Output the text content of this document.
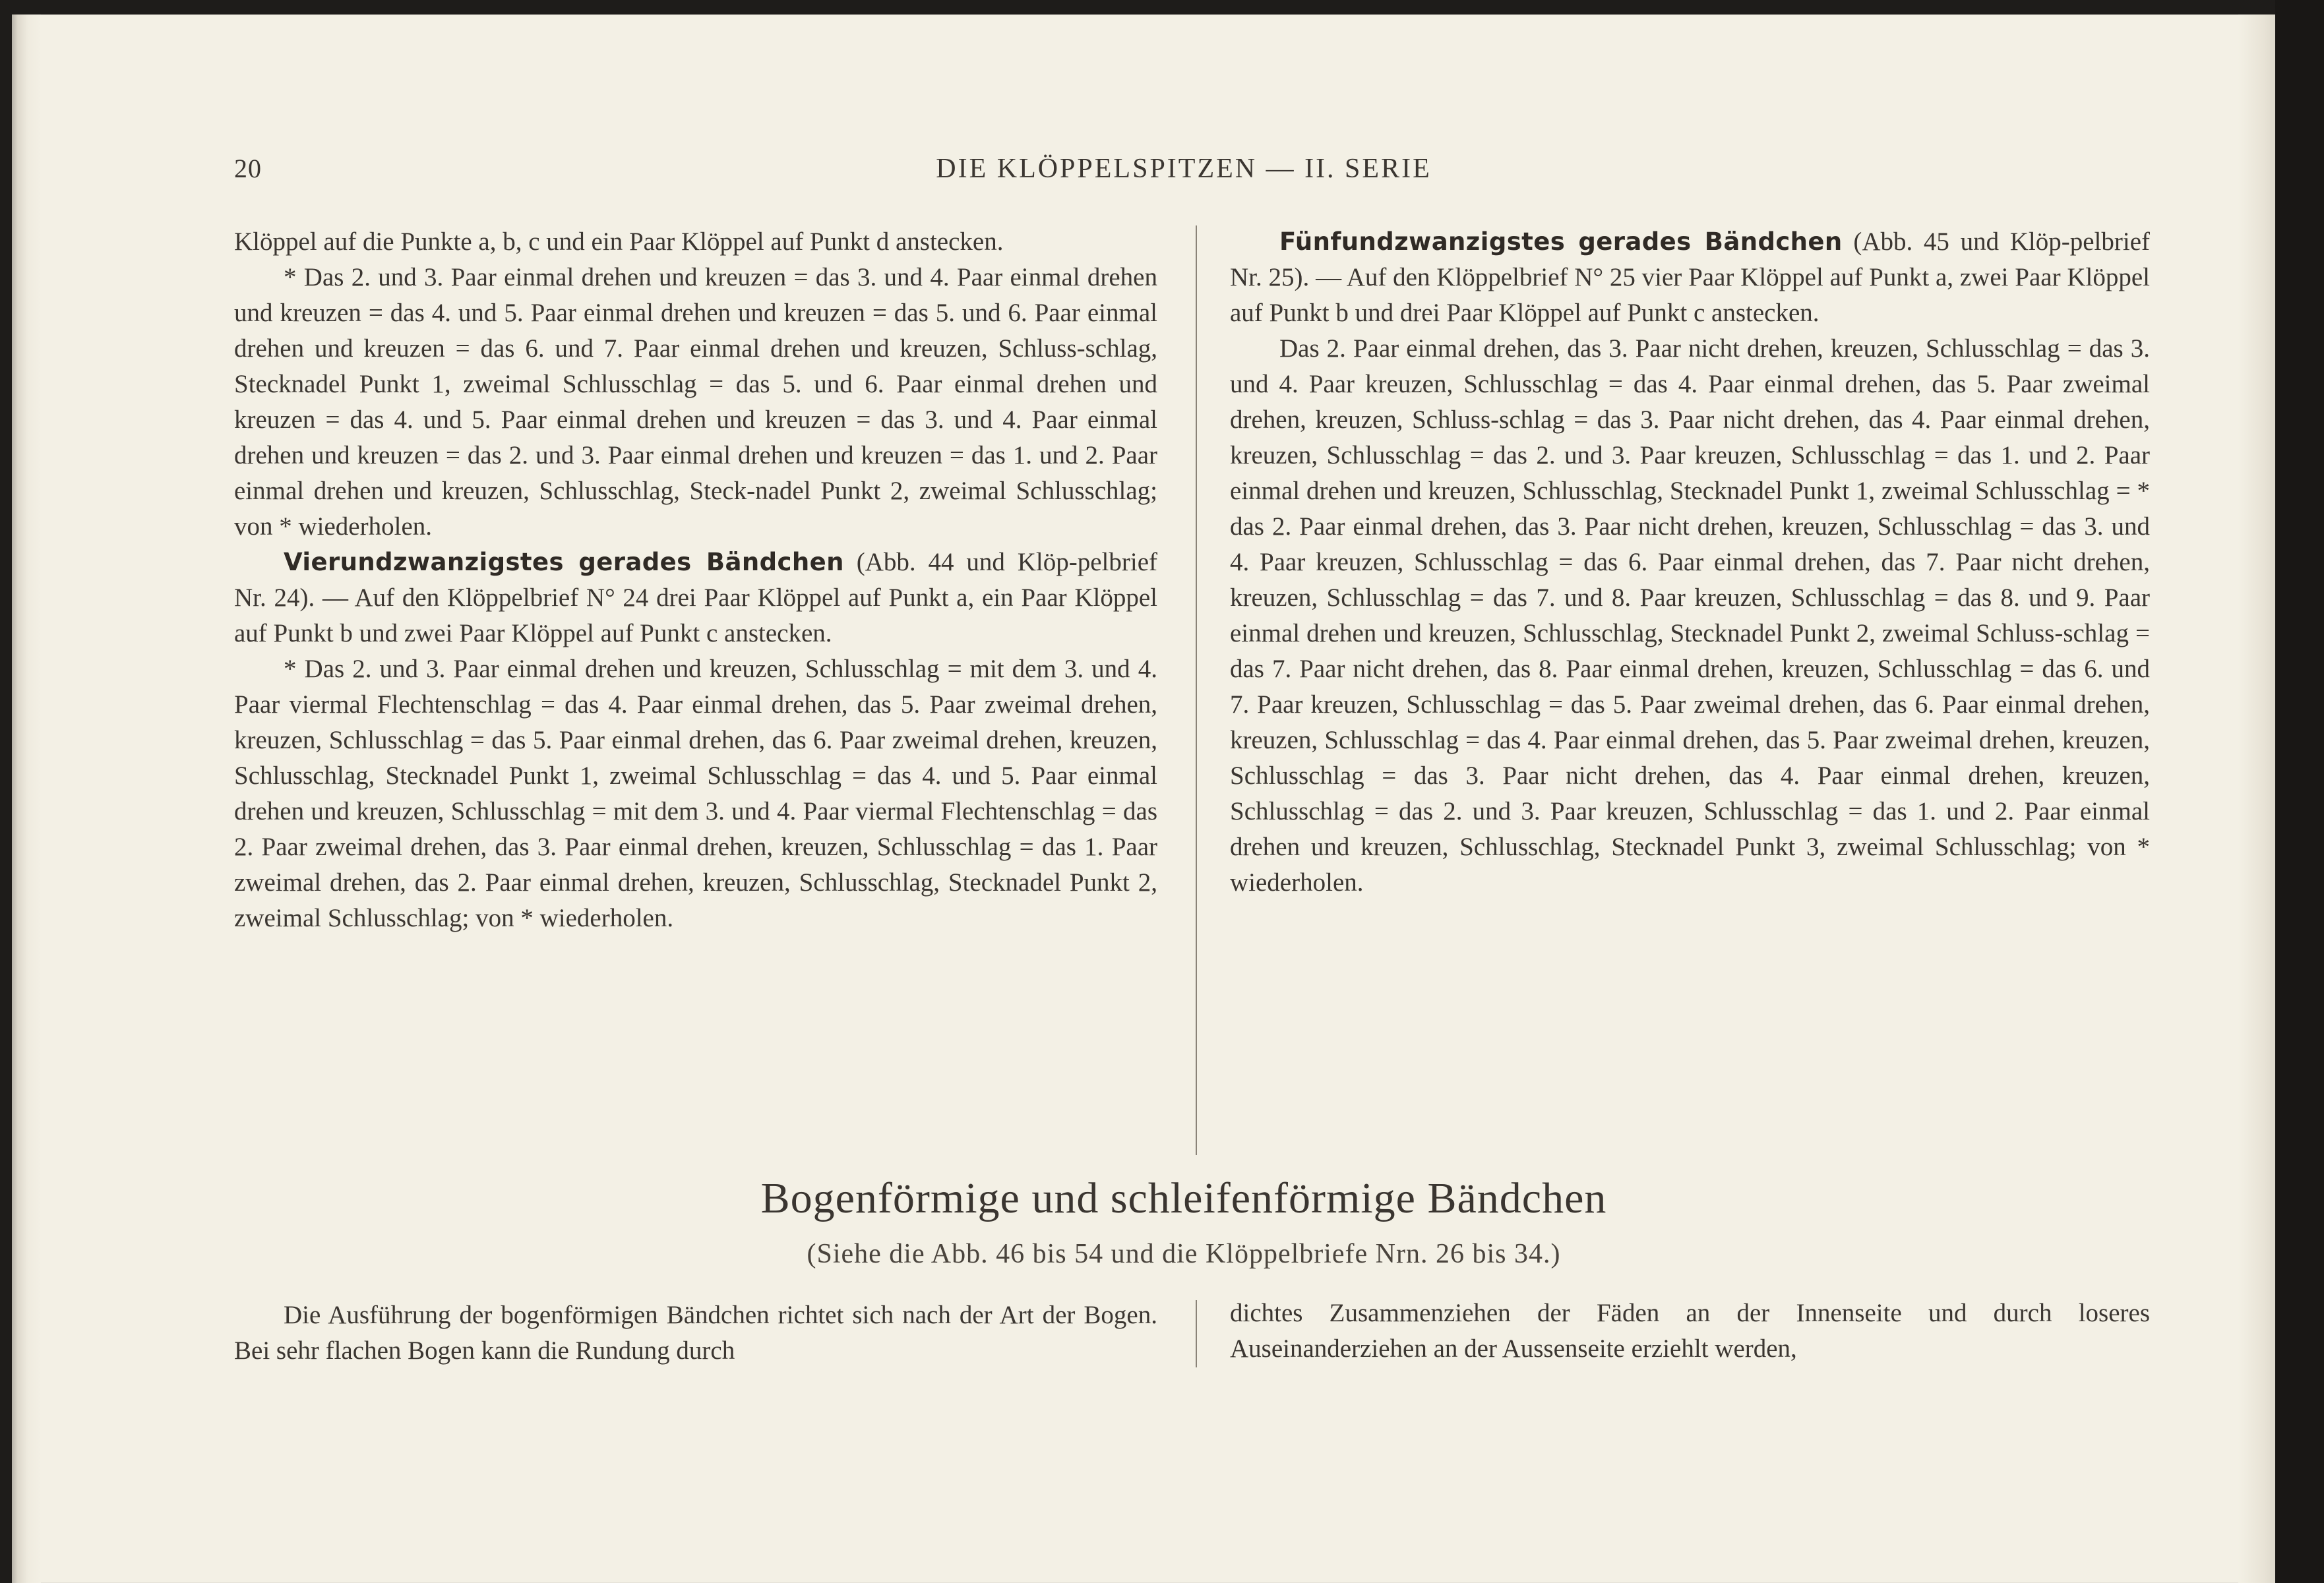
20	DIE KLÖPPELSPITZEN — II. SERIE

Klöppel auf die Punkte a, b, c und ein Paar Klöppel auf Punkt d anstecken.

* Das 2. und 3. Paar einmal drehen und kreuzen = das 3. und 4. Paar einmal drehen und kreuzen = das 4. und 5. Paar einmal drehen und kreuzen = das 5. und 6. Paar einmal drehen und kreuzen = das 6. und 7. Paar einmal drehen und kreuzen, Schluss-schlag, Stecknadel Punkt 1, zweimal Schlusschlag = das 5. und 6. Paar einmal drehen und kreuzen = das 4. und 5. Paar einmal drehen und kreuzen = das 3. und 4. Paar einmal drehen und kreuzen = das 2. und 3. Paar einmal drehen und kreuzen = das 1. und 2. Paar einmal drehen und kreuzen, Schlusschlag, Steck-nadel Punkt 2, zweimal Schlusschlag; von * wiederholen.

Vierundzwanzigstes gerades Bändchen (Abb. 44 und Klöp-pelbrief Nr. 24). — Auf den Klöppelbrief N° 24 drei Paar Klöppel auf Punkt a, ein Paar Klöppel auf Punkt b und zwei Paar Klöppel auf Punkt c anstecken.

* Das 2. und 3. Paar einmal drehen und kreuzen, Schlusschlag = mit dem 3. und 4. Paar viermal Flechtenschlag = das 4. Paar einmal drehen, das 5. Paar zweimal drehen, kreuzen, Schlusschlag = das 5. Paar einmal drehen, das 6. Paar zweimal drehen, kreuzen, Schlusschlag, Stecknadel Punkt 1, zweimal Schlusschlag = das 4. und 5. Paar einmal drehen und kreuzen, Schlusschlag = mit dem 3. und 4. Paar viermal Flechtenschlag = das 2. Paar zweimal drehen, das 3. Paar einmal drehen, kreuzen, Schlusschlag = das 1. Paar zweimal drehen, das 2. Paar einmal drehen, kreuzen, Schlusschlag, Stecknadel Punkt 2, zweimal Schlusschlag; von * wiederholen.

Fünfundzwanzigstes gerades Bändchen (Abb. 45 und Klöp-pelbrief Nr. 25). — Auf den Klöppelbrief N° 25 vier Paar Klöppel auf Punkt a, zwei Paar Klöppel auf Punkt b und drei Paar Klöppel auf Punkt c anstecken.

Das 2. Paar einmal drehen, das 3. Paar nicht drehen, kreuzen, Schlusschlag = das 3. und 4. Paar kreuzen, Schlusschlag = das 4. Paar einmal drehen, das 5. Paar zweimal drehen, kreuzen, Schluss-schlag = das 3. Paar nicht drehen, das 4. Paar einmal drehen, kreuzen, Schlusschlag = das 2. und 3. Paar kreuzen, Schlusschlag = das 1. und 2. Paar einmal drehen und kreuzen, Schlusschlag, Stecknadel Punkt 1, zweimal Schlusschlag = * das 2. Paar einmal drehen, das 3. Paar nicht drehen, kreuzen, Schlusschlag = das 3. und 4. Paar kreuzen, Schlusschlag = das 6. Paar einmal drehen, das 7. Paar nicht drehen, kreuzen, Schlusschlag = das 7. und 8. Paar kreuzen, Schlusschlag = das 8. und 9. Paar einmal drehen und kreuzen, Schlusschlag, Stecknadel Punkt 2, zweimal Schluss-schlag = das 7. Paar nicht drehen, das 8. Paar einmal drehen, kreuzen, Schlusschlag = das 6. und 7. Paar kreuzen, Schlusschlag = das 5. Paar zweimal drehen, das 6. Paar einmal drehen, kreuzen, Schlusschlag = das 4. Paar einmal drehen, das 5. Paar zweimal drehen, kreuzen, Schlusschlag = das 3. Paar nicht drehen, das 4. Paar einmal drehen, kreuzen, Schlusschlag = das 2. und 3. Paar kreuzen, Schlusschlag = das 1. und 2. Paar einmal drehen und kreuzen, Schlusschlag, Stecknadel Punkt 3, zweimal Schlusschlag; von * wiederholen.

Bogenförmige und schleifenförmige Bändchen
(Siehe die Abb. 46 bis 54 und die Klöppelbriefe Nrn. 26 bis 34.)

Die Ausführung der bogenförmigen Bändchen richtet sich nach der Art der Bogen. Bei sehr flachen Bogen kann die Rundung durch

dichtes Zusammenziehen der Fäden an der Innenseite und durch loseres Auseinanderziehen an der Aussenseite erziehlt werden,
